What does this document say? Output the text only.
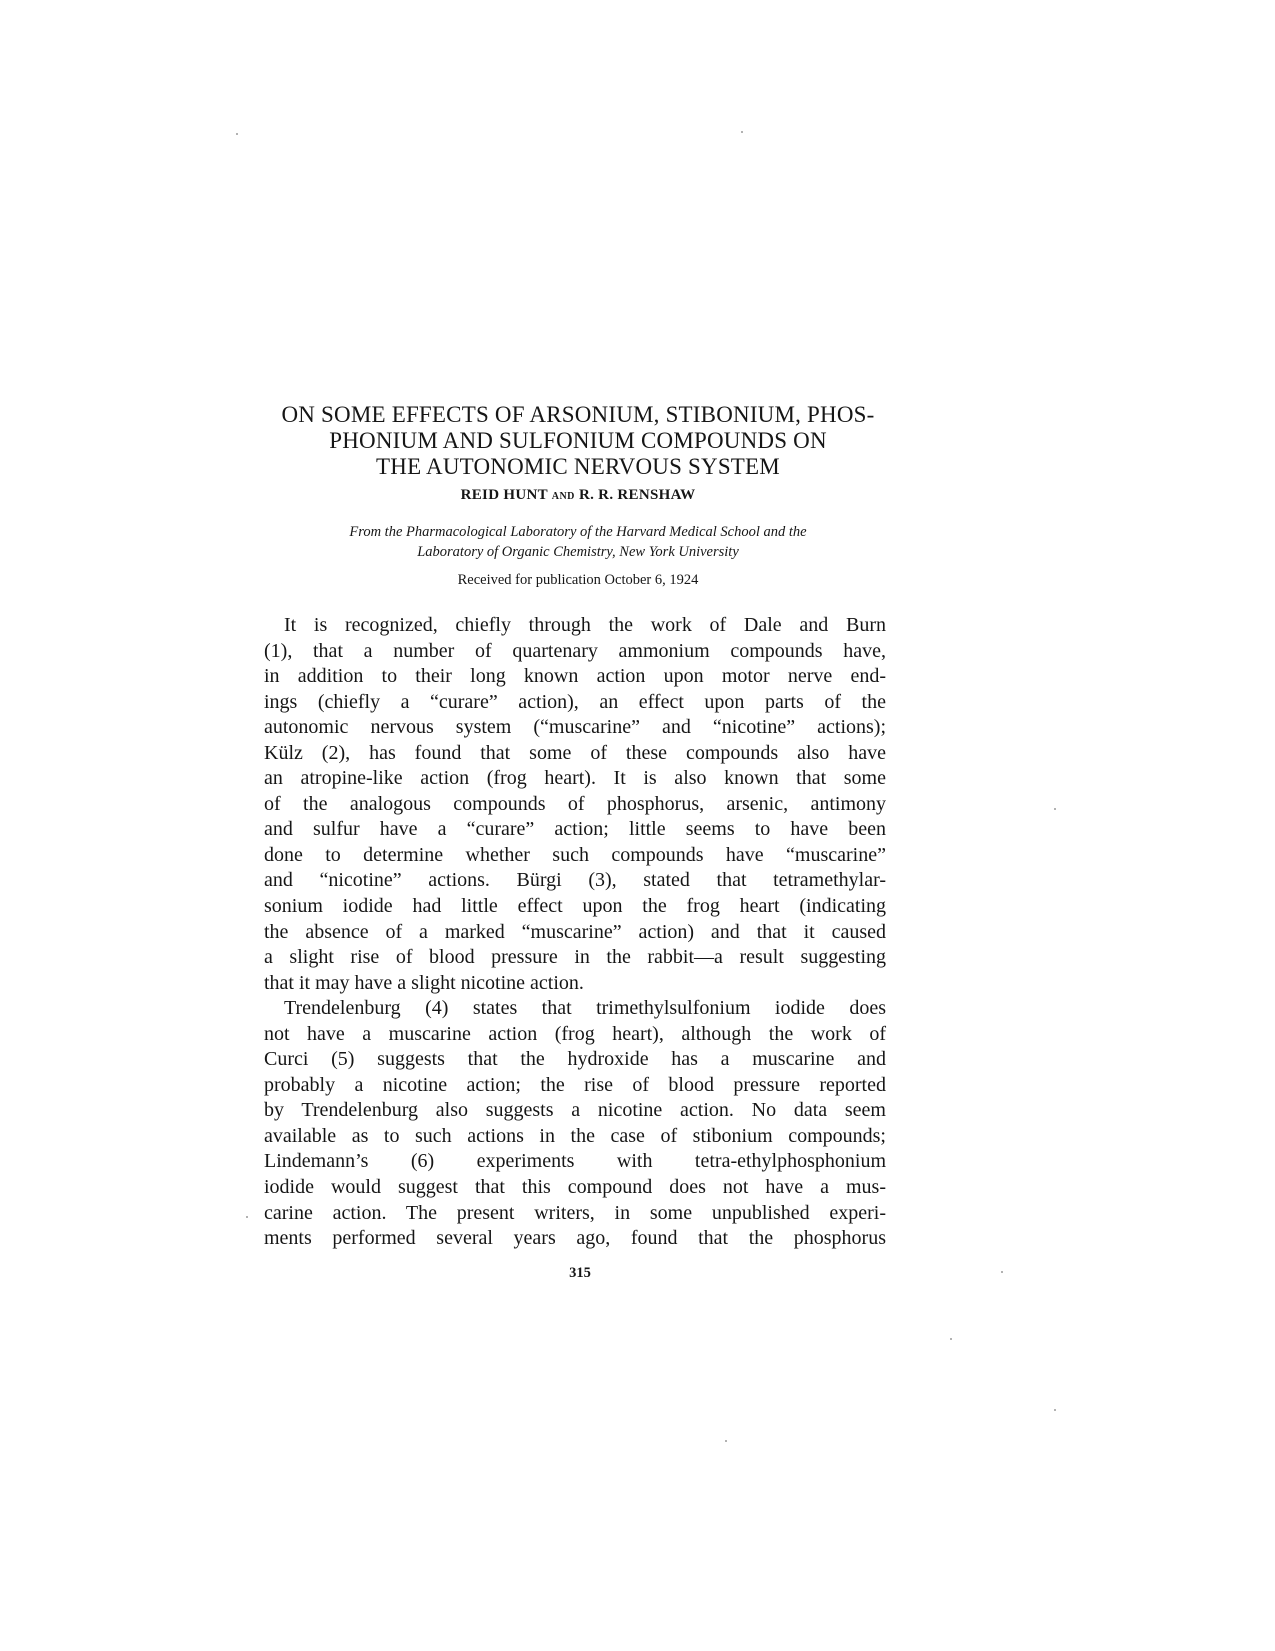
ON SOME EFFECTS OF ARSONIUM, STIBONIUM, PHOS-
PHONIUM AND SULFONIUM COMPOUNDS ON
THE AUTONOMIC NERVOUS SYSTEM
REID HUNT AND R. R. RENSHAW
From the Pharmacological Laboratory of the Harvard Medical School and the
Laboratory of Organic Chemistry, New York University
Received for publication October 6, 1924
It is recognized, chiefly through the work of Dale and Burn
(1), that a number of quartenary ammonium compounds have,
in addition to their long known action upon motor nerve end-
ings (chiefly a “curare” action), an effect upon parts of the
autonomic nervous system (“muscarine” and “nicotine” actions);
Külz (2), has found that some of these compounds also have
an atropine-like action (frog heart). It is also known that some
of the analogous compounds of phosphorus, arsenic, antimony
and sulfur have a “curare” action; little seems to have been
done to determine whether such compounds have “muscarine”
and “nicotine” actions. Bürgi (3), stated that tetramethylar-
sonium iodide had little effect upon the frog heart (indicating
the absence of a marked “muscarine” action) and that it caused
a slight rise of blood pressure in the rabbit—a result suggesting
that it may have a slight nicotine action.
Trendelenburg (4) states that trimethylsulfonium iodide does
not have a muscarine action (frog heart), although the work of
Curci (5) suggests that the hydroxide has a muscarine and
probably a nicotine action; the rise of blood pressure reported
by Trendelenburg also suggests a nicotine action. No data seem
available as to such actions in the case of stibonium compounds;
Lindemann’s (6) experiments with tetra-ethylphosphonium
iodide would suggest that this compound does not have a mus-
carine action. The present writers, in some unpublished experi-
ments performed several years ago, found that the phosphorus
315
